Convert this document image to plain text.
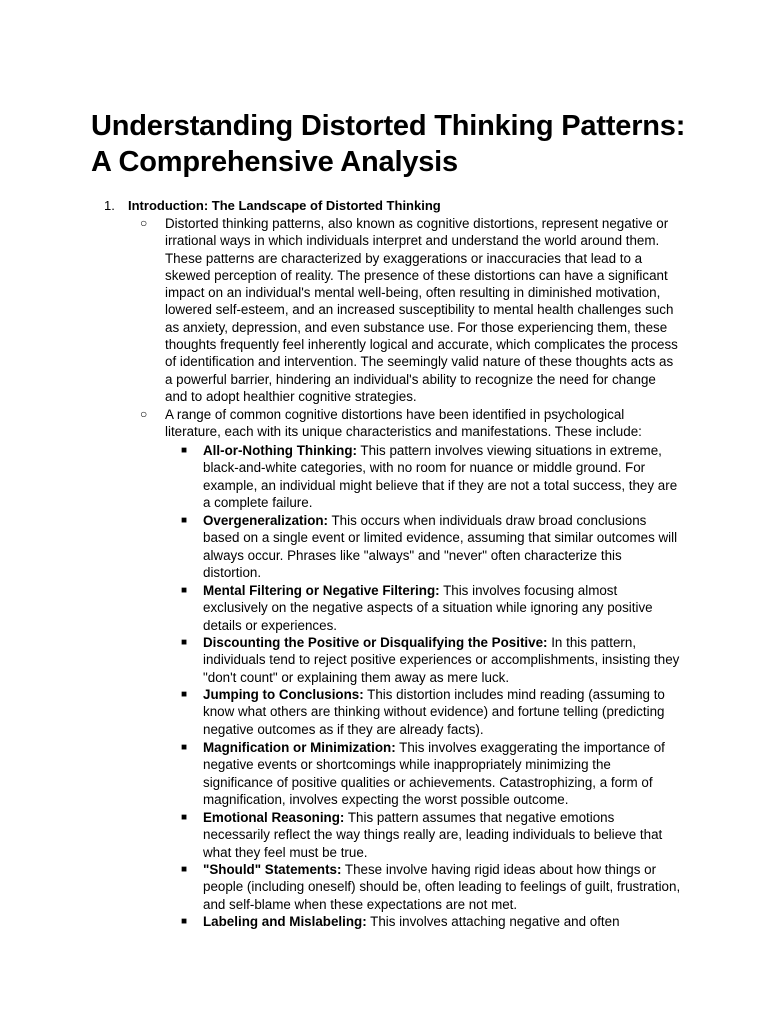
Understanding Distorted Thinking Patterns: A Comprehensive Analysis
1. Introduction: The Landscape of Distorted Thinking
○ Distorted thinking patterns, also known as cognitive distortions, represent negative or irrational ways in which individuals interpret and understand the world around them. These patterns are characterized by exaggerations or inaccuracies that lead to a skewed perception of reality. The presence of these distortions can have a significant impact on an individual's mental well-being, often resulting in diminished motivation, lowered self-esteem, and an increased susceptibility to mental health challenges such as anxiety, depression, and even substance use. For those experiencing them, these thoughts frequently feel inherently logical and accurate, which complicates the process of identification and intervention. The seemingly valid nature of these thoughts acts as a powerful barrier, hindering an individual's ability to recognize the need for change and to adopt healthier cognitive strategies.
○ A range of common cognitive distortions have been identified in psychological literature, each with its unique characteristics and manifestations. These include:
■ All-or-Nothing Thinking: This pattern involves viewing situations in extreme, black-and-white categories, with no room for nuance or middle ground. For example, an individual might believe that if they are not a total success, they are a complete failure.
■ Overgeneralization: This occurs when individuals draw broad conclusions based on a single event or limited evidence, assuming that similar outcomes will always occur. Phrases like "always" and "never" often characterize this distortion.
■ Mental Filtering or Negative Filtering: This involves focusing almost exclusively on the negative aspects of a situation while ignoring any positive details or experiences.
■ Discounting the Positive or Disqualifying the Positive: In this pattern, individuals tend to reject positive experiences or accomplishments, insisting they "don't count" or explaining them away as mere luck.
■ Jumping to Conclusions: This distortion includes mind reading (assuming to know what others are thinking without evidence) and fortune telling (predicting negative outcomes as if they are already facts).
■ Magnification or Minimization: This involves exaggerating the importance of negative events or shortcomings while inappropriately minimizing the significance of positive qualities or achievements. Catastrophizing, a form of magnification, involves expecting the worst possible outcome.
■ Emotional Reasoning: This pattern assumes that negative emotions necessarily reflect the way things really are, leading individuals to believe that what they feel must be true.
■ "Should" Statements: These involve having rigid ideas about how things or people (including oneself) should be, often leading to feelings of guilt, frustration, and self-blame when these expectations are not met.
■ Labeling and Mislabeling: This involves attaching negative and often
